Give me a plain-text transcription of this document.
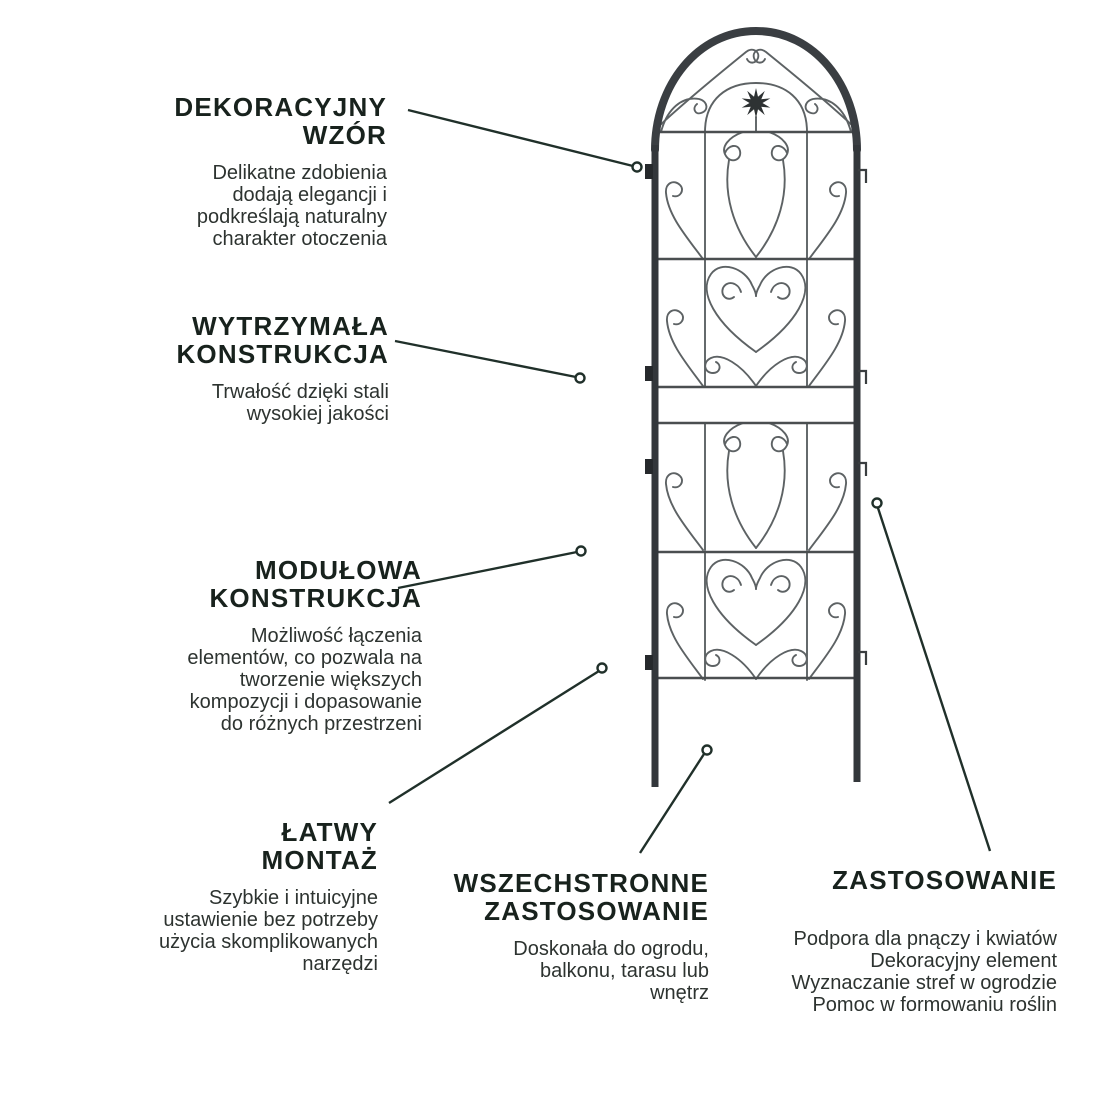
DEKORACYJNY
WZÓR
Delikatne zdobienia
dodają elegancji i
podkreślają naturalny
charakter otoczenia
WYTRZYMAŁA
KONSTRUKCJA
Trwałość dzięki stali
wysokiej jakości
MODUŁOWA
KONSTRUKCJA
Możliwość łączenia
elementów, co pozwala na
tworzenie większych
kompozycji i dopasowanie
do różnych przestrzeni
ŁATWY
MONTAŻ
Szybkie i intuicyjne
ustawienie bez potrzeby
użycia skomplikowanych
narzędzi
WSZECHSTRONNE
ZASTOSOWANIE
Doskonała do ogrodu,
balkonu, tarasu lub
wnętrz
ZASTOSOWANIE
Podpora dla pnączy i kwiatów
Dekoracyjny element
Wyznaczanie stref w ogrodzie
Pomoc w formowaniu roślin
